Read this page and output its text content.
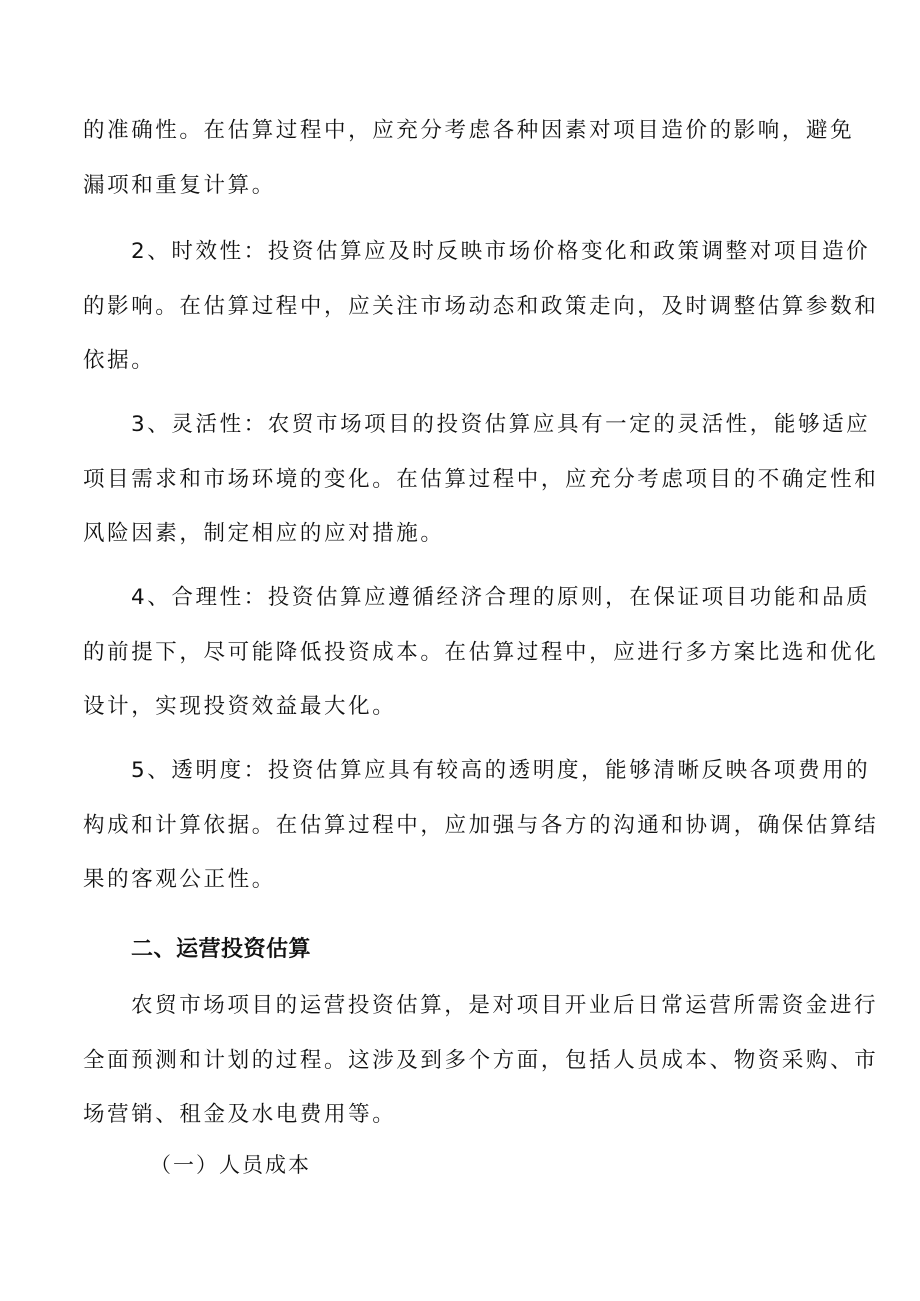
的准确性。在估算过程中，应充分考虑各种因素对项目造价的影响，避免
漏项和重复计算。
2、时效性：投资估算应及时反映市场价格变化和政策调整对项目造价
的影响。在估算过程中，应关注市场动态和政策走向，及时调整估算参数和
依据。
3、灵活性：农贸市场项目的投资估算应具有一定的灵活性，能够适应
项目需求和市场环境的变化。在估算过程中，应充分考虑项目的不确定性和
风险因素，制定相应的应对措施。
4、合理性：投资估算应遵循经济合理的原则，在保证项目功能和品质
的前提下，尽可能降低投资成本。在估算过程中，应进行多方案比选和优化
设计，实现投资效益最大化。
5、透明度：投资估算应具有较高的透明度，能够清晰反映各项费用的
构成和计算依据。在估算过程中，应加强与各方的沟通和协调，确保估算结
果的客观公正性。
二、运营投资估算
农贸市场项目的运营投资估算，是对项目开业后日常运营所需资金进行
全面预测和计划的过程。这涉及到多个方面，包括人员成本、物资采购、市
场营销、租金及水电费用等。
（一）人员成本
